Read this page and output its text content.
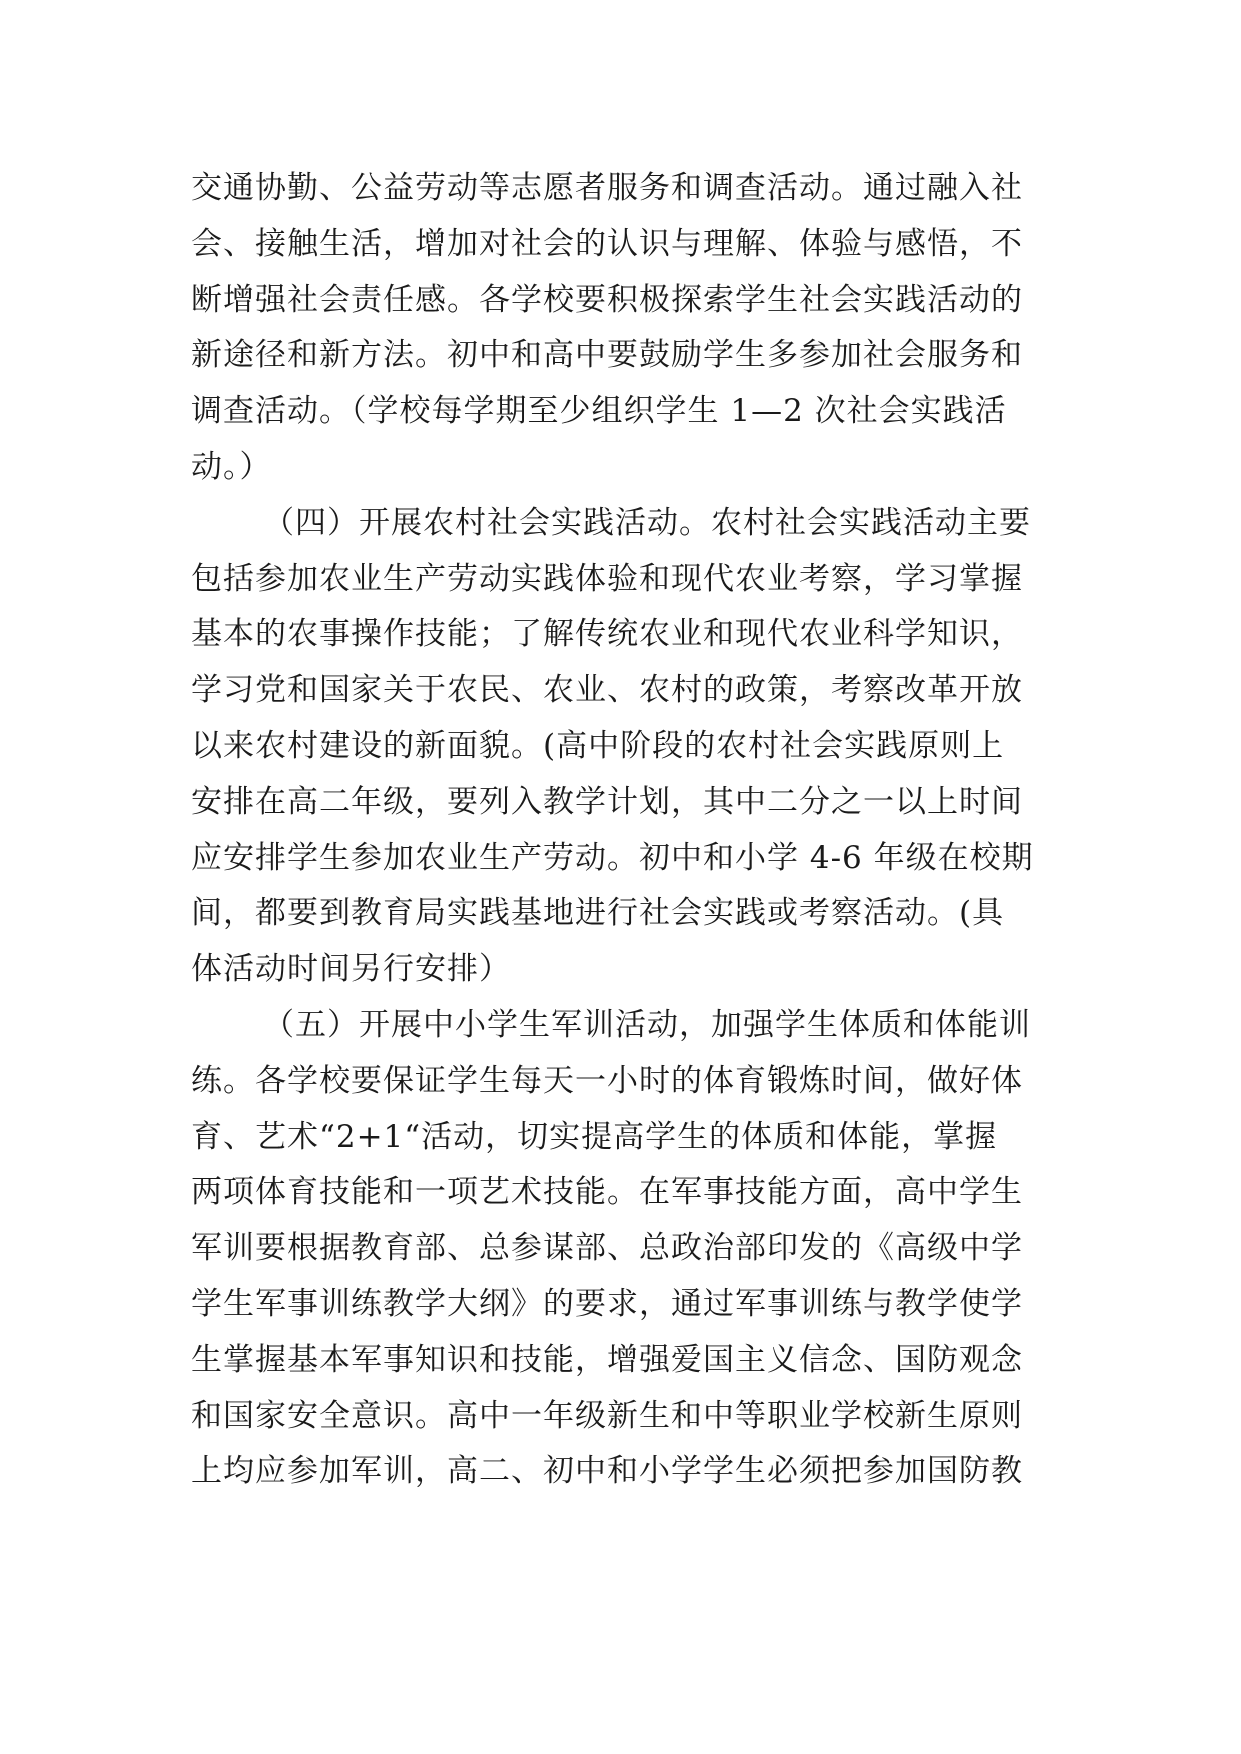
交通协勤、公益劳动等志愿者服务和调查活动。通过融入社
会、接触生活，增加对社会的认识与理解、体验与感悟，不
断增强社会责任感。各学校要积极探索学生社会实践活动的
新途径和新方法。初中和高中要鼓励学生多参加社会服务和
调查活动。（学校每学期至少组织学生 1—2 次社会实践活
动。）
（四）开展农村社会实践活动。农村社会实践活动主要
包括参加农业生产劳动实践体验和现代农业考察，学习掌握
基本的农事操作技能；了解传统农业和现代农业科学知识，
学习党和国家关于农民、农业、农村的政策，考察改革开放
以来农村建设的新面貌。(高中阶段的农村社会实践原则上
安排在高二年级，要列入教学计划，其中二分之一以上时间
应安排学生参加农业生产劳动。初中和小学 4-6 年级在校期
间，都要到教育局实践基地进行社会实践或考察活动。(具
体活动时间另行安排）
（五）开展中小学生军训活动，加强学生体质和体能训
练。各学校要保证学生每天一小时的体育锻炼时间，做好体
育、艺术“2+1“活动，切实提高学生的体质和体能，掌握
两项体育技能和一项艺术技能。在军事技能方面，高中学生
军训要根据教育部、总参谋部、总政治部印发的《高级中学
学生军事训练教学大纲》的要求，通过军事训练与教学使学
生掌握基本军事知识和技能，增强爱国主义信念、国防观念
和国家安全意识。高中一年级新生和中等职业学校新生原则
上均应参加军训，高二、初中和小学学生必须把参加国防教
